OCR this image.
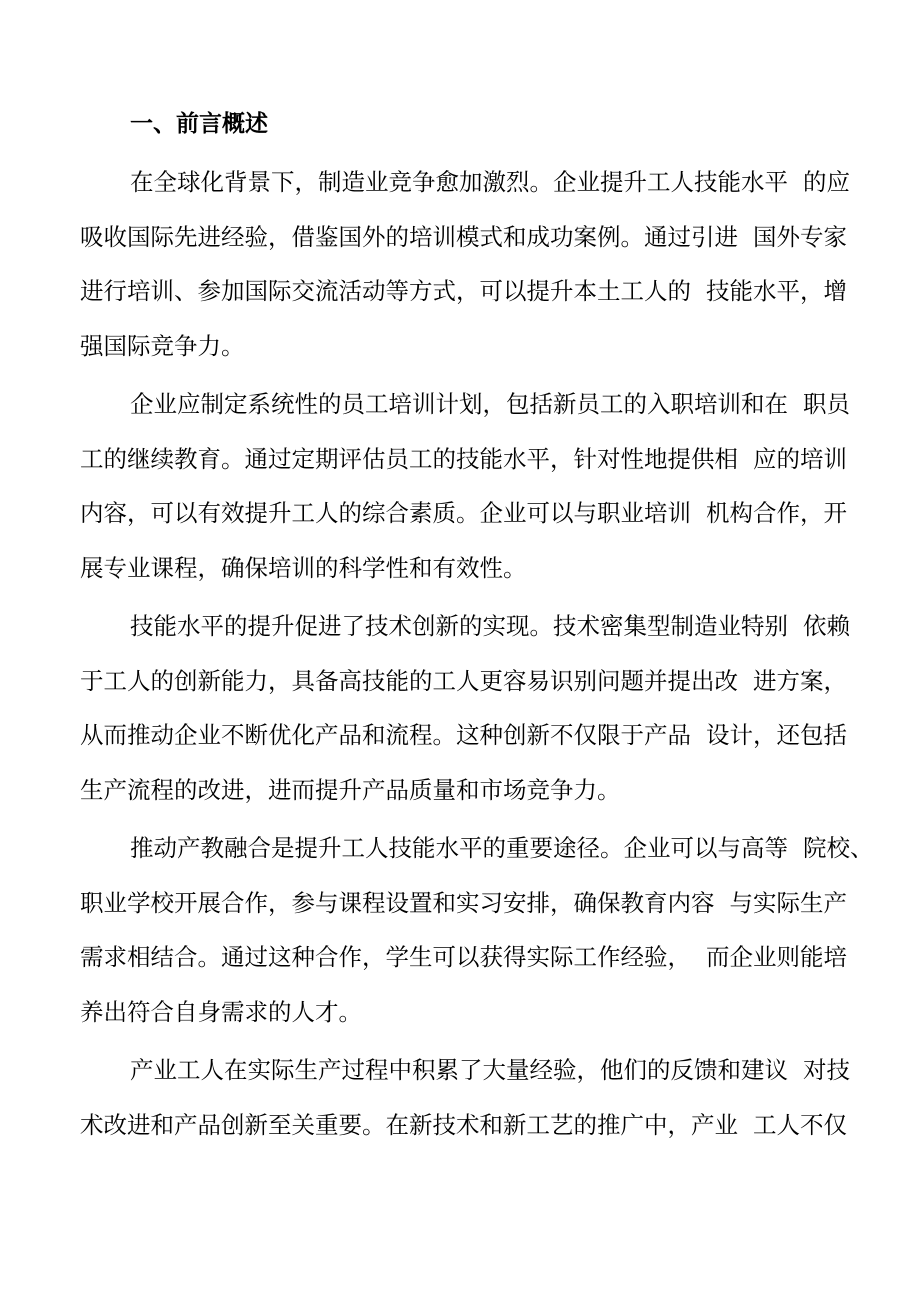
一、前言概述
在全球化背景下，制造业竞争愈加激烈。企业提升工人技能水平  的应
吸收国际先进经验，借鉴国外的培训模式和成功案例。通过引进  国外专家
进行培训、参加国际交流活动等方式，可以提升本土工人的  技能水平，增
强国际竞争力。
企业应制定系统性的员工培训计划，包括新员工的入职培训和在  职员
工的继续教育。通过定期评估员工的技能水平，针对性地提供相  应的培训
内容，可以有效提升工人的综合素质。企业可以与职业培训  机构合作，开
展专业课程，确保培训的科学性和有效性。
技能水平的提升促进了技术创新的实现。技术密集型制造业特别  依赖
于工人的创新能力，具备高技能的工人更容易识别问题并提出改  进方案，
从而推动企业不断优化产品和流程。这种创新不仅限于产品  设计，还包括
生产流程的改进，进而提升产品质量和市场竞争力。
推动产教融合是提升工人技能水平的重要途径。企业可以与高等  院校、
职业学校开展合作，参与课程设置和实习安排，确保教育内容  与实际生产
需求相结合。通过这种合作，学生可以获得实际工作经验，  而企业则能培
养出符合自身需求的人才。
产业工人在实际生产过程中积累了大量经验，他们的反馈和建议  对技
术改进和产品创新至关重要。在新技术和新工艺的推广中，产业  工人不仅
